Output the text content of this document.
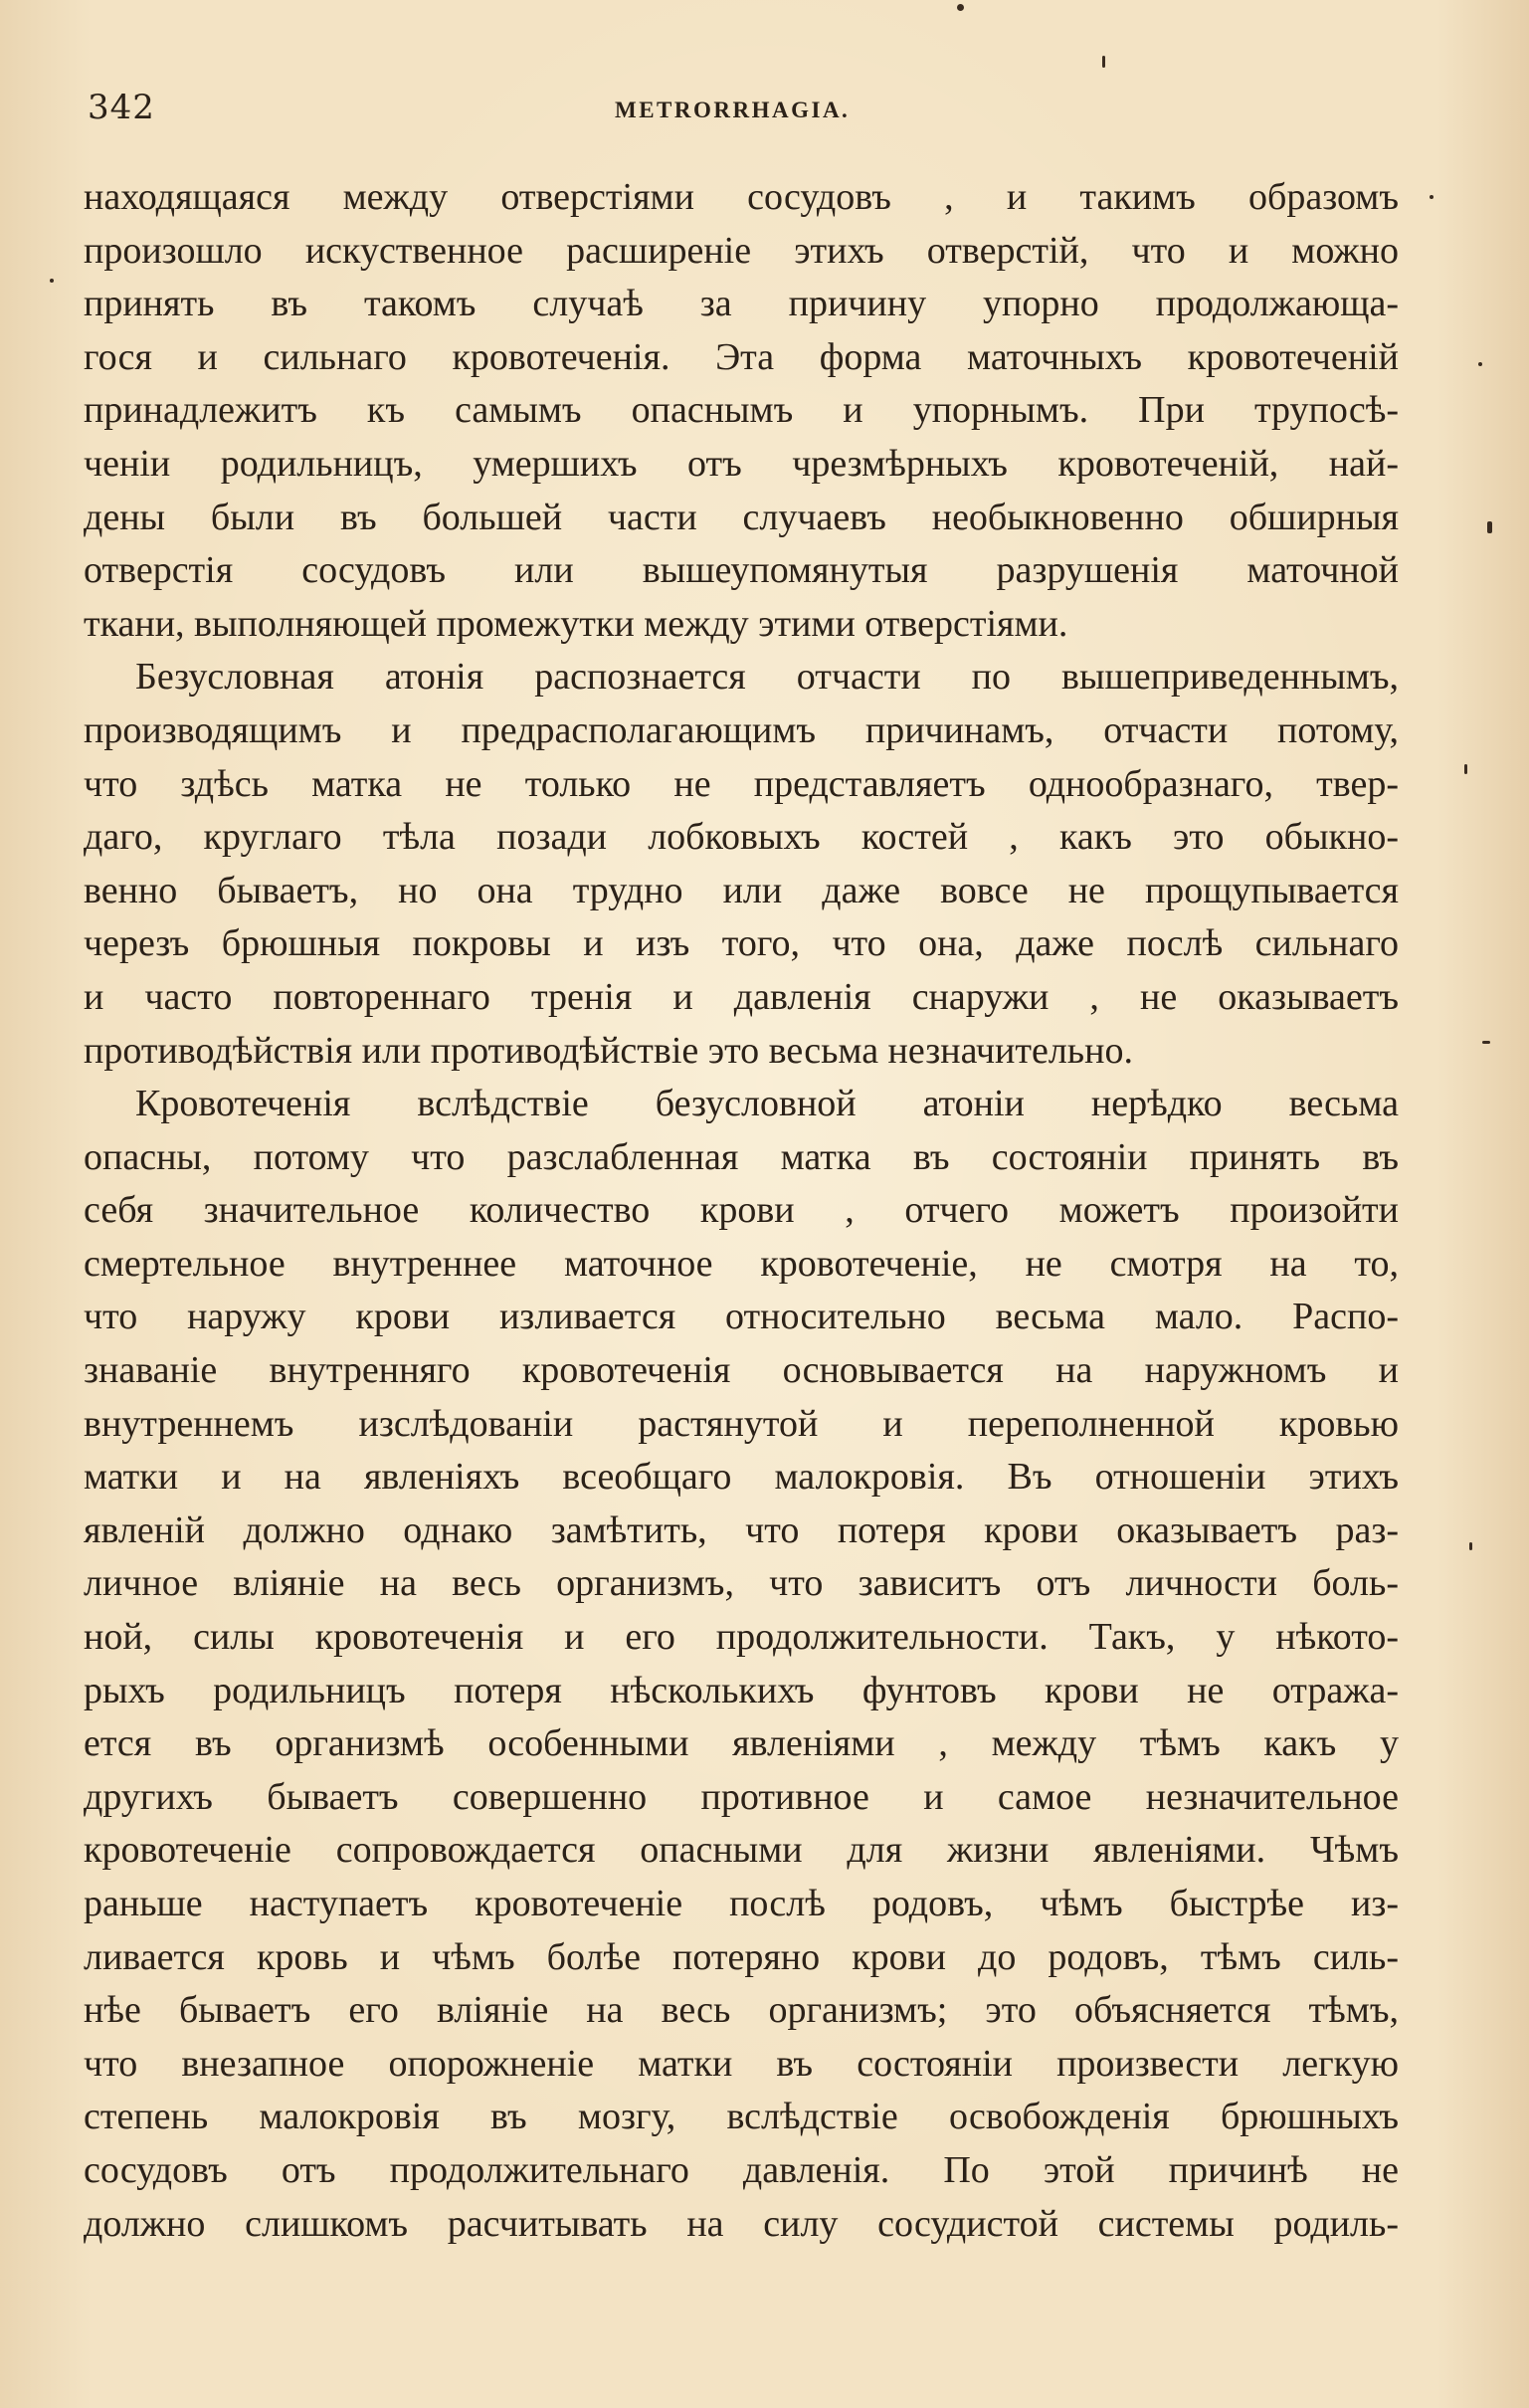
342	METRORRHAGIA.
находящаяся между отверстіями сосудовъ , и такимъ образомъ
произошло искуственное расширеніе этихъ отверстій, что и можно
принять въ такомъ случаѣ за причину упорно продолжающа-
гося и сильнаго кровотеченія. Эта форма маточныхъ кровотеченій
принадлежитъ къ самымъ опаснымъ и упорнымъ. При трупосѣ-
ченіи родильницъ, умершихъ отъ чрезмѣрныхъ кровотеченій, най-
дены были въ большей части случаевъ необыкновенно обширныя
отверстія сосудовъ или вышеупомянутыя разрушенія маточной
ткани, выполняющей промежутки между этими отверстіями.
Безусловная атонія распознается отчасти по вышеприведеннымъ,
производящимъ и предрасполагающимъ причинамъ, отчасти потому,
что здѣсь матка не только не представляетъ однообразнаго, твер-
даго, круглаго тѣла позади лобковыхъ костей , какъ это обыкно-
венно бываетъ, но она трудно или даже вовсе не прощупывается
черезъ брюшныя покровы и изъ того, что она, даже послѣ сильнаго
и часто повтореннаго тренія и давленія снаружи , не оказываетъ
противодѣйствія или противодѣйствіе это весьма незначительно.
Кровотеченія вслѣдствіе безусловной атоніи нерѣдко весьма
опасны, потому что разслабленная матка въ состояніи принять въ
себя значительное количество крови , отчего можетъ произойти
смертельное внутреннее маточное кровотеченіе, не смотря на то,
что наружу крови изливается относительно весьма мало. Распо-
знаваніе внутренняго кровотеченія основывается на наружномъ и
внутреннемъ изслѣдованіи растянутой и переполненной кровью
матки и на явленіяхъ всеобщаго малокровія. Въ отношеніи этихъ
явленій должно однако замѣтить, что потеря крови оказываетъ раз-
личное вліяніе на весь организмъ, что зависитъ отъ личности боль-
ной, силы кровотеченія и его продолжительности. Такъ, у нѣкото-
рыхъ родильницъ потеря нѣсколькихъ фунтовъ крови не отража-
ется въ организмѣ особенными явленіями , между тѣмъ какъ у
другихъ бываетъ совершенно противное и самое незначительное
кровотеченіе сопровождается опасными для жизни явленіями. Чѣмъ
раньше наступаетъ кровотеченіе послѣ родовъ, чѣмъ быстрѣе из-
ливается кровь и чѣмъ болѣе потеряно крови до родовъ, тѣмъ силь-
нѣе бываетъ его вліяніе на весь организмъ; это объясняется тѣмъ,
что внезапное опорожненіе матки въ состояніи произвести легкую
степень малокровія въ мозгу, вслѣдствіе освобожденія брюшныхъ
сосудовъ отъ продолжительнаго давленія. По этой причинѣ не
должно слишкомъ расчитывать на силу сосудистой системы родиль-
